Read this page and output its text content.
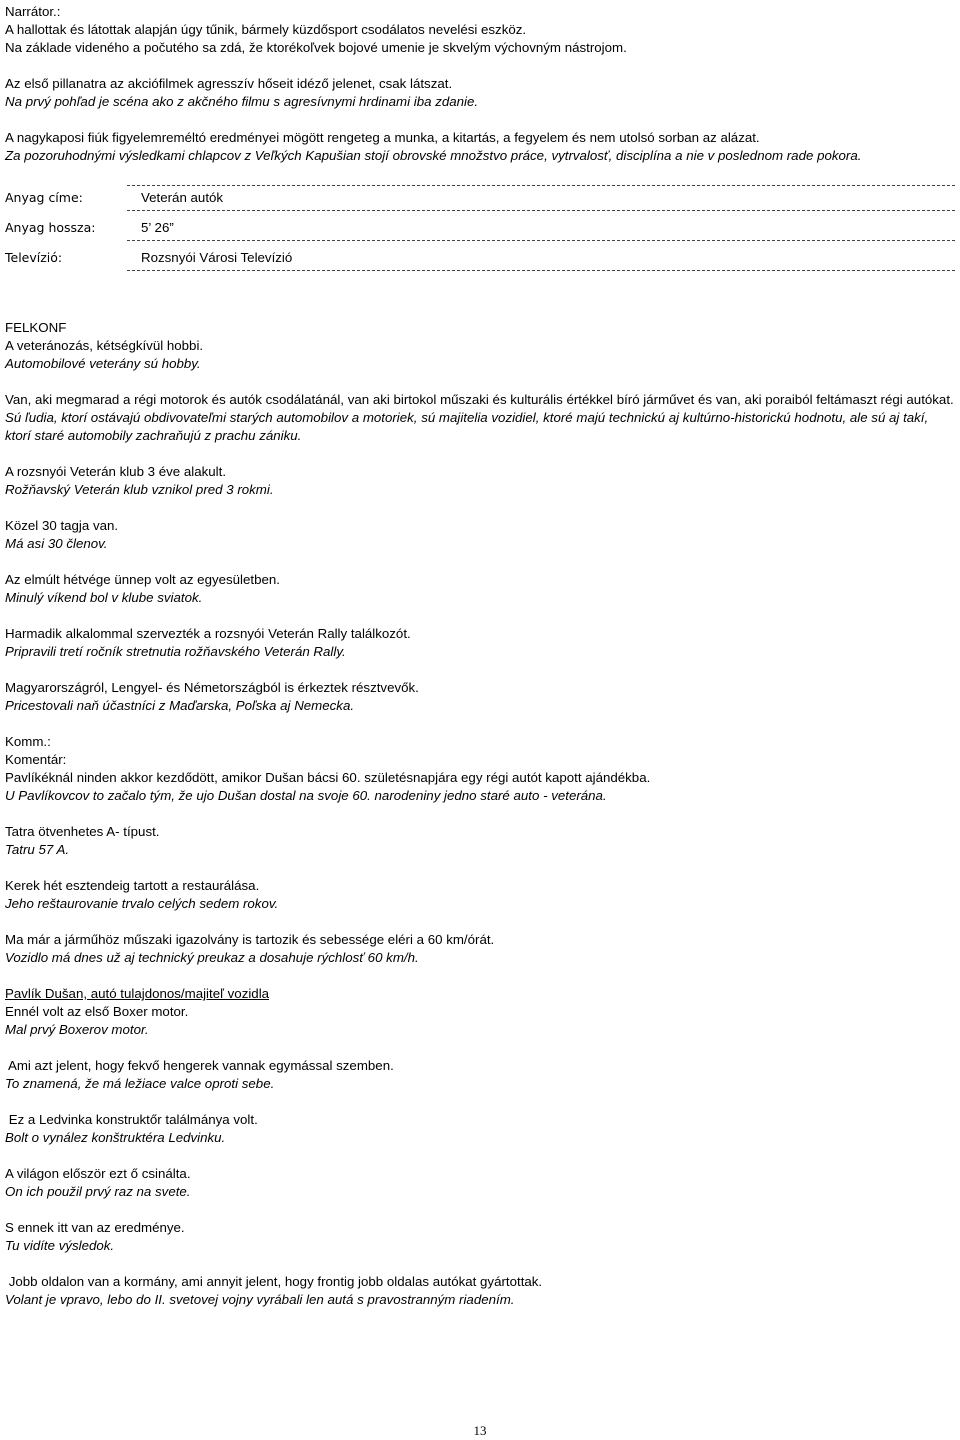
Narrátor.:

A hallottak és látottak alapján úgy tűnik, bármely küzdősport csodálatos nevelési eszköz.

Na základe videného a počutého sa zdá, že ktorékoľvek bojové umenie je skvelým výchovným nástrojom.

Az első pillanatra az akciófilmek agresszív hőseit idéző jelenet, csak látszat.

Na prvý pohľad je scéna ako z akčného filmu s agresívnymi hrdinami iba zdanie.

A nagykaposi fiúk figyelemreméltó eredményei mögött rengeteg a munka, a kitartás, a fegyelem és nem utolsó sorban az alázat.

Za pozoruhodnými výsledkami chlapcov z Veľkých Kapušian stojí obrovské množstvo práce, vytrvalosť, disciplína a nie v poslednom rade pokora.

Anyag címe:	Veterán autók
Anyag hossza:	5’ 26”
Televízió:	Rozsnyói Városi Televízió

FELKONF

A veteránozás, kétségkívül hobbi.

Automobilové veterány sú hobby.

Van, aki megmarad a régi motorok és autók csodálatánál, van aki birtokol műszaki és kulturális értékkel bíró járművet és van, aki poraiból feltámaszt régi autókat.

Sú ľudia, ktorí ostávajú obdivovateľmi starých automobilov a motoriek, sú majitelia vozidiel, ktoré majú technickú aj kultúrno-historickú hodnotu, ale sú aj takí, ktorí staré automobily zachraňujú z prachu zániku.

A rozsnyói Veterán klub 3 éve alakult.

Rožňavský Veterán klub vznikol pred 3 rokmi.

Közel 30 tagja van.

Má asi 30 členov.

Az elmúlt hétvége ünnep volt az egyesületben.

Minulý víkend bol v klube sviatok.

Harmadik alkalommal szervezték a rozsnyói Veterán Rally találkozót.

Pripravili tretí ročník stretnutia rožňavského Veterán Rally.

Magyarországról, Lengyel- és Németországból is érkeztek résztvevők.

Pricestovali naň účastníci z Maďarska, Poľska aj Nemecka.

Komm.:

Komentár:

Pavlíkéknál ninden akkor kezdődött, amikor Dušan bácsi 60. születésnapjára egy régi autót kapott ajándékba.

U Pavlíkovcov to začalo tým, že ujo Dušan dostal na svoje 60. narodeniny jedno staré auto - veterána.

Tatra ötvenhetes A- típust.

Tatru 57 A.

Kerek hét esztendeig tartott a restaurálása.

Jeho reštaurovanie trvalo celých sedem rokov.

Ma már a járműhöz műszaki igazolvány is tartozik és sebessége eléri a 60 km/órát.

Vozidlo má dnes už aj technický preukaz a dosahuje rýchlosť 60 km/h.

Pavlík Dušan, autó tulajdonos/majiteľ vozidla

Ennél volt az első Boxer motor.

Mal prvý Boxerov motor.

Ami azt jelent, hogy fekvő hengerek vannak egymással szemben.

To znamená, že má ležiace valce oproti sebe.

Ez a Ledvinka konstruktőr találmánya volt.

Bolt o vynález konštruktéra Ledvinku.

A világon először ezt ő csinálta.

On ich použil prvý raz na svete.

S ennek itt van az eredménye.

Tu vidíte výsledok.

Jobb oldalon van a kormány, ami annyit jelent, hogy frontig jobb oldalas autókat gyártottak.

Volant je vpravo, lebo do II. svetovej vojny vyrábali len autá s pravostranným riadením.

13
